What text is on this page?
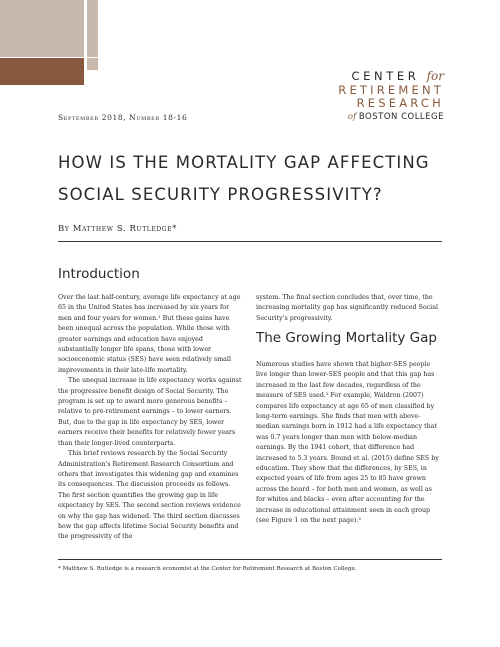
CENTER for
RETIREMENT
RESEARCH
of BOSTON COLLEGE
September 2018, Number 18-16
HOW IS THE MORTALITY GAP AFFECTING SOCIAL SECURITY PROGRESSIVITY?
By Matthew S. Rutledge*
Introduction

Over the last half-century, average life expectancy at age 65 in the United States has increased by six years for men and four years for women.¹ But these gains have been unequal across the population. While those with greater earnings and education have enjoyed substantially longer life spans, those with lower socioeconomic status (SES) have seen relatively small improvements in their late-life mortality.

The unequal increase in life expectancy works against the progressive benefit design of Social Security. The program is set up to award more generous benefits – relative to pre-retirement earnings – to lower earners. But, due to the gap in life expectancy by SES, lower earners receive their benefits for relatively fewer years than their longer-lived counterparts.

This brief reviews research by the Social Security Administration's Retirement Research Consortium and others that investigates this widening gap and examines its consequences. The discussion proceeds as follows. The first section quantifies the growing gap in life expectancy by SES. The second section reviews evidence on why the gap has widened. The third section discusses how the gap affects lifetime Social Security benefits and the progressivity of the

system. The final section concludes that, over time, the increasing mortality gap has significantly reduced Social Security's progressivity.

The Growing Mortality Gap

Numerous studies have shown that higher-SES people live longer than lower-SES people and that this gap has increased in the last few decades, regardless of the measure of SES used.² For example, Waldron (2007) compares life expectancy at age 65 of men classified by long-term earnings. She finds that men with above-median earnings born in 1912 had a life expectancy that was 0.7 years longer than men with below-median earnings. By the 1941 cohort, that difference had increased to 5.3 years. Bound et al. (2015) define SES by education. They show that the differences, by SES, in expected years of life from ages 25 to 85 have grown across the board – for both men and women, as well as for whites and blacks – even after accounting for the increase in educational attainment seen in each group (see Figure 1 on the next page).³

* Matthew S. Rutledge is a research economist at the Center for Retirement Research at Boston College.
